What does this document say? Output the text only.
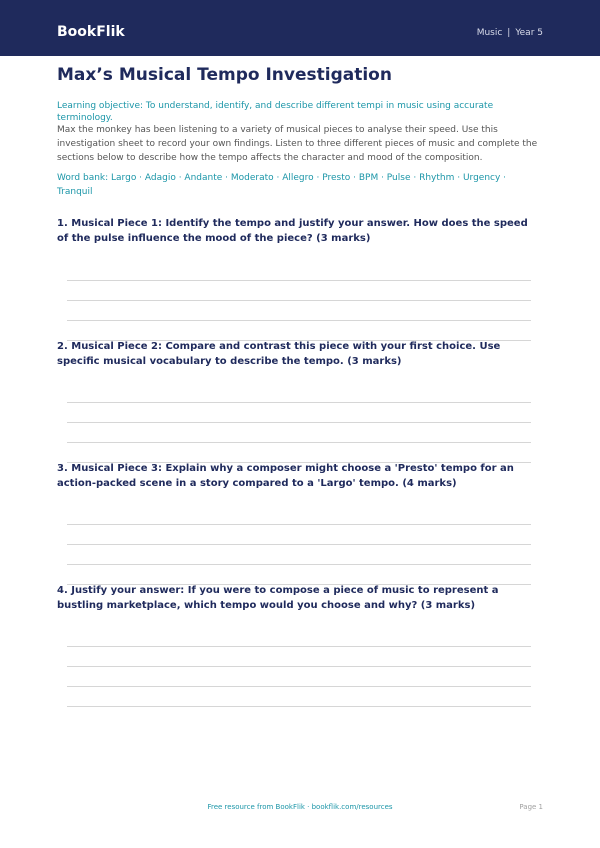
BookFlik	Music | Year 5
Max’s Musical Tempo Investigation
Learning objective: To understand, identify, and describe different tempi in music using accurate terminology.
Max the monkey has been listening to a variety of musical pieces to analyse their speed. Use this investigation sheet to record your own findings. Listen to three different pieces of music and complete the sections below to describe how the tempo affects the character and mood of the composition.
Word bank: Largo · Adagio · Andante · Moderato · Allegro · Presto · BPM · Pulse · Rhythm · Urgency · Tranquil

1. Musical Piece 1: Identify the tempo and justify your answer. How does the speed of the pulse influence the mood of the piece? (3 marks)

2. Musical Piece 2: Compare and contrast this piece with your first choice. Use specific musical vocabulary to describe the tempo. (3 marks)

3. Musical Piece 3: Explain why a composer might choose a 'Presto' tempo for an action-packed scene in a story compared to a 'Largo' tempo. (4 marks)

4. Justify your answer: If you were to compose a piece of music to represent a bustling marketplace, which tempo would you choose and why? (3 marks)

Free resource from BookFlik · bookflik.com/resources	Page 1
